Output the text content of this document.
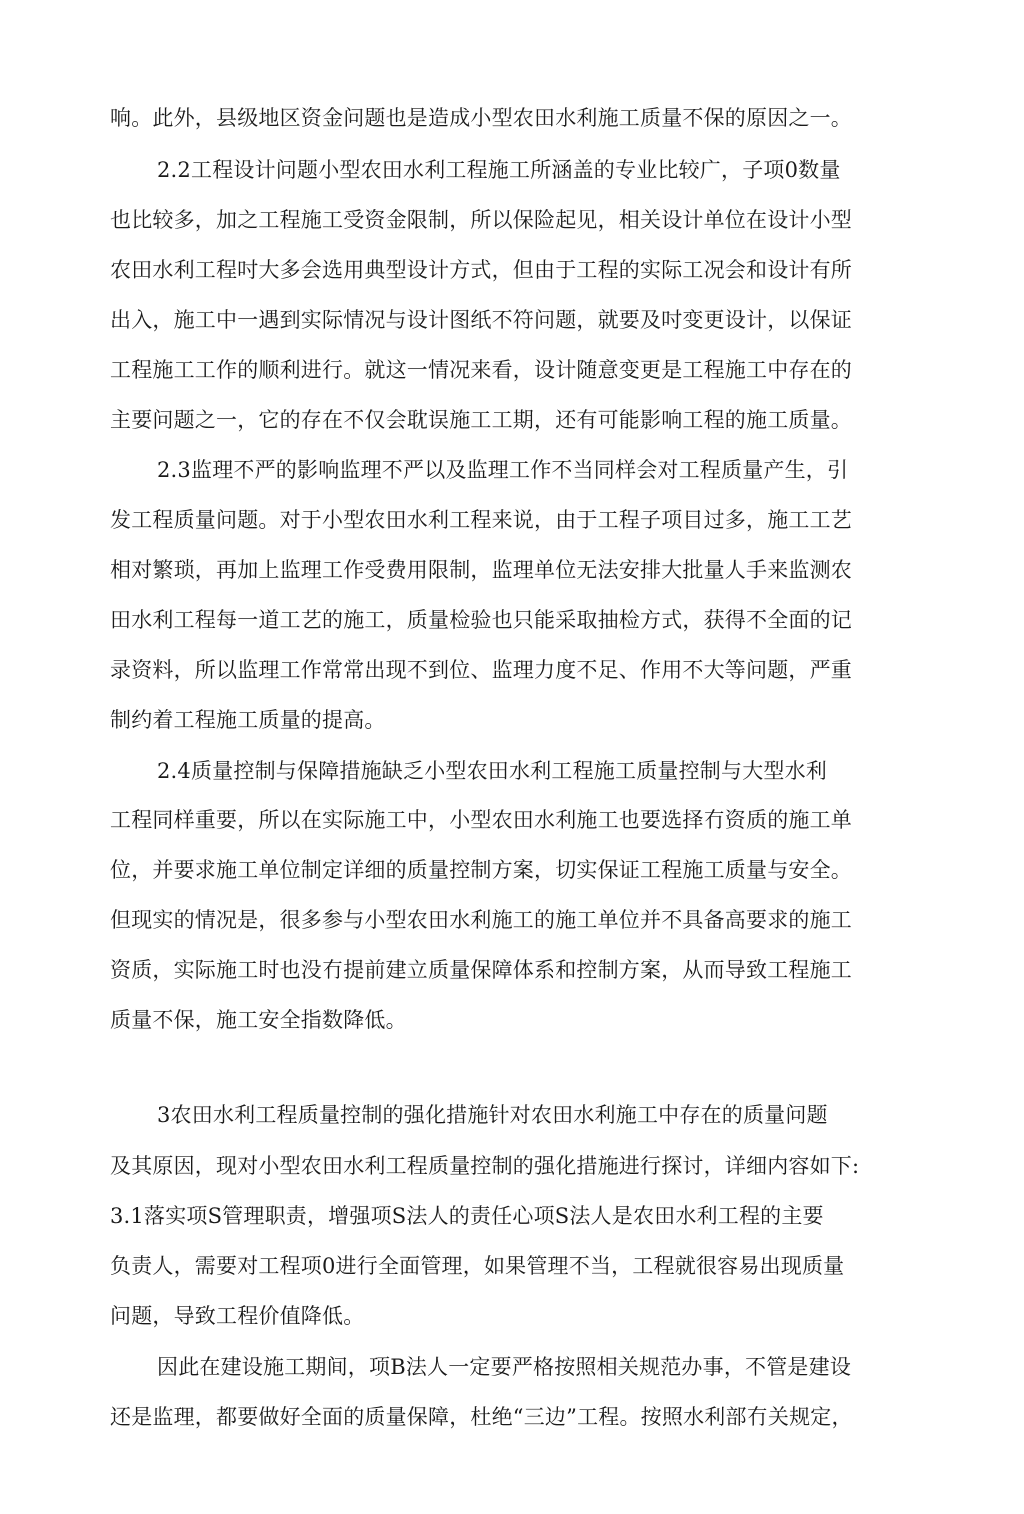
响。此外，县级地区资金问题也是造成小型农田水利施工质量不保的原因之一。
2.2工程设计问题小型农田水利工程施工所涵盖的专业比较广，子项0数量
也比较多，加之工程施工受资金限制，所以保险起见，相关设计单位在设计小型
农田水利工程吋大多会选用典型设计方式，但由于工程的实际工况会和设计有所
出入，施工中一遇到实际情况与设计图纸不符问题，就要及吋变更设计，以保证
工程施工工作的顺利进行。就这一情况来看，设计随意变更是工程施工中存在的
主要问题之一，它的存在不仅会耽误施工工期，还有可能影响工程的施工质量。
2.3监理不严的影响监理不严以及监理工作不当同样会对工程质量产生，引
发工程质量问题。对于小型农田水利工程来说，由于工程子项目过多，施工工艺
相对繁琐，再加上监理工作受费用限制，监理单位无法安排大批量人手来监测农
田水利工程每一道工艺的施工，质量检验也只能采取抽检方式，获得不全面的记
录资料，所以监理工作常常出现不到位、监理力度不足、作用不大等问题，严重
制约着工程施工质量的提高。
2.4质量控制与保障措施缺乏小型农田水利工程施工质量控制与大型水利
工程同样重要，所以在实际施工中，小型农田水利施工也要选择冇资质的施工单
位，并要求施工单位制定详细的质量控制方案，切实保证工程施工质量与安全。
但现实的情况是，很多参与小型农田水利施工的施工单位并不具备高要求的施工
资质，实际施工时也没冇提前建立质量保障体系和控制方案，从而导致工程施工
质量不保，施工安全指数降低。
3农田水利工程质量控制的强化措施针对农田水利施工中存在的质量问题
及其原因，现对小型农田水利工程质量控制的强化措施进行探讨，详细内容如下:
3.1落实项S管理职责，增强项S法人的责任心项S法人是农田水利工程的主要
负责人，需要对工程项0进行全面管理，如果管理不当，工程就很容易出现质量
问题，导致工程价值降低。
因此在建设施工期间，项B法人一定要严格按照相关规范办事，不管是建设
还是监理，都要做好全面的质量保障，杜绝“三边”工程。按照水利部冇关规定，
